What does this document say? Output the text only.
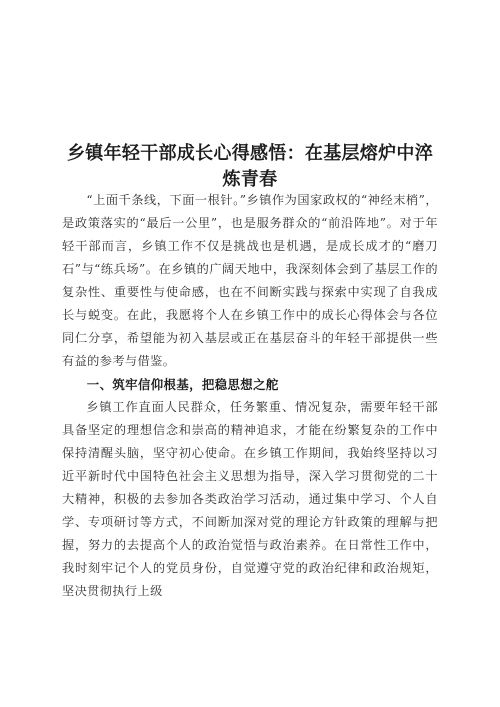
乡镇年轻干部成长心得感悟：在基层熔炉中淬炼青春

“上面千条线，下面一根针。”乡镇作为国家政权的“神经末梢”，是政策落实的“最后一公里”，也是服务群众的“前沿阵地”。对于年轻干部而言，乡镇工作不仅是挑战也是机遇，是成长成才的“磨刀石”与“练兵场”。在乡镇的广阔天地中，我深刻体会到了基层工作的复杂性、重要性与使命感，也在不间断实践与探索中实现了自我成长与蜕变。在此，我愿将个人在乡镇工作中的成长心得体会与各位同仁分享，希望能为初入基层或正在基层奋斗的年轻干部提供一些有益的参考与借鉴。

一、筑牢信仰根基，把稳思想之舵

乡镇工作直面人民群众，任务繁重、情况复杂，需要年轻干部具备坚定的理想信念和崇高的精神追求，才能在纷繁复杂的工作中保持清醒头脑，坚守初心使命。在乡镇工作期间，我始终坚持以习近平新时代中国特色社会主义思想为指导，深入学习贯彻党的二十大精神，积极的去参加各类政治学习活动，通过集中学习、个人自学、专项研讨等方式，不间断加深对党的理论方针政策的理解与把握，努力的去提高个人的政治觉悟与政治素养。在日常性工作中，我时刻牢记个人的党员身份，自觉遵守党的政治纪律和政治规矩，坚决贯彻执行上级
